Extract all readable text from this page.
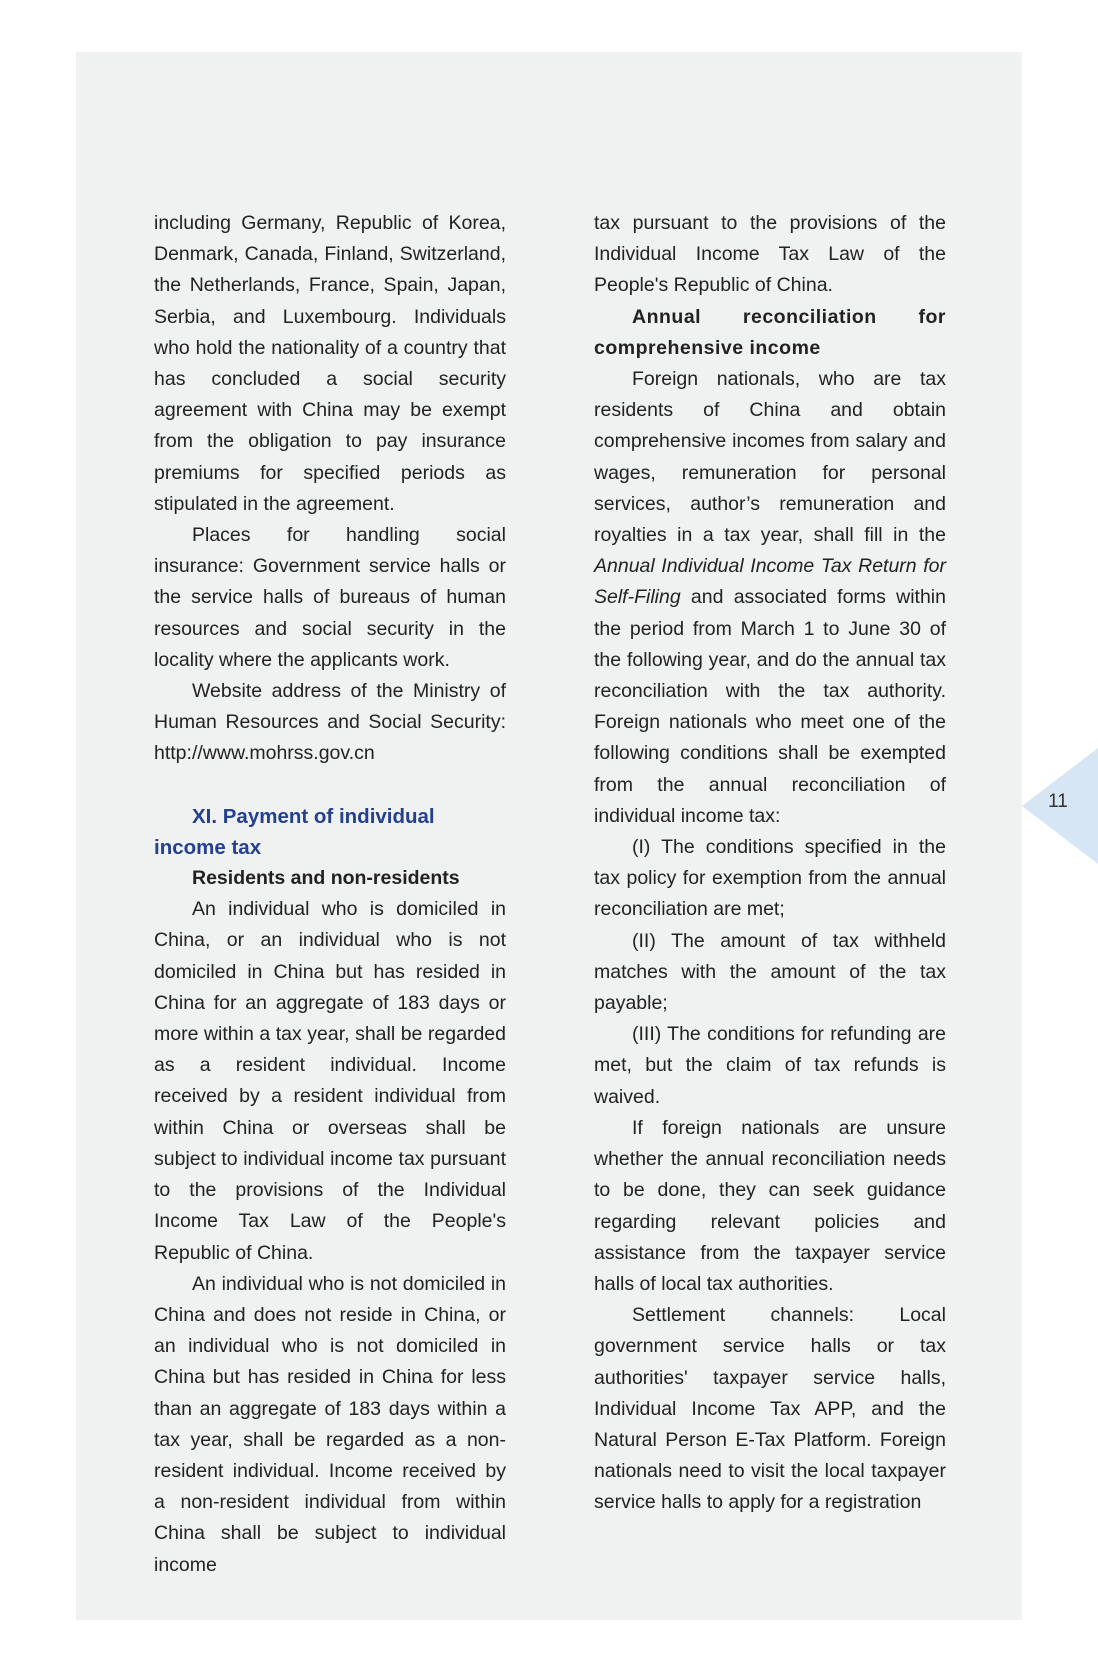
including Germany, Republic of Korea, Denmark, Canada, Finland, Switzerland, the Netherlands, France, Spain, Japan, Serbia, and Luxembourg. Individuals who hold the nationality of a country that has concluded a social security agreement with China may be exempt from the obligation to pay insurance premiums for specified periods as stipulated in the agreement.

Places for handling social insurance: Government service halls or the service halls of bureaus of human resources and social security in the locality where the applicants work.

Website address of the Ministry of Human Resources and Social Security: http://www.mohrss.gov.cn

XI. Payment of individual income tax
Residents and non-residents

An individual who is domiciled in China, or an individual who is not domiciled in China but has resided in China for an aggregate of 183 days or more within a tax year, shall be regarded as a resident individual. Income received by a resident individual from within China or overseas shall be subject to individual income tax pursuant to the provisions of the Individual Income Tax Law of the People's Republic of China.

An individual who is not domiciled in China and does not reside in China, or an individual who is not domiciled in China but has resided in China for less than an aggregate of 183 days within a tax year, shall be regarded as a non-resident individual. Income received by a non-resident individual from within China shall be subject to individual income

tax pursuant to the provisions of the Individual Income Tax Law of the People's Republic of China.

Annual reconciliation for comprehensive income

Foreign nationals, who are tax residents of China and obtain comprehensive incomes from salary and wages, remuneration for personal services, author’s remuneration and royalties in a tax year, shall fill in the Annual Individual Income Tax Return for Self-Filing and associated forms within the period from March 1 to June 30 of the following year, and do the annual tax reconciliation with the tax authority. Foreign nationals who meet one of the following conditions shall be exempted from the annual reconciliation of individual income tax:

(I) The conditions specified in the tax policy for exemption from the annual reconciliation are met;

(II) The amount of tax withheld matches with the amount of the tax payable;

(III) The conditions for refunding are met, but the claim of tax refunds is waived.

If foreign nationals are unsure whether the annual reconciliation needs to be done, they can seek guidance regarding relevant policies and assistance from the taxpayer service halls of local tax authorities.

Settlement channels: Local government service halls or tax authorities' taxpayer service halls, Individual Income Tax APP, and the Natural Person E-Tax Platform. Foreign nationals need to visit the local taxpayer service halls to apply for a registration

11
